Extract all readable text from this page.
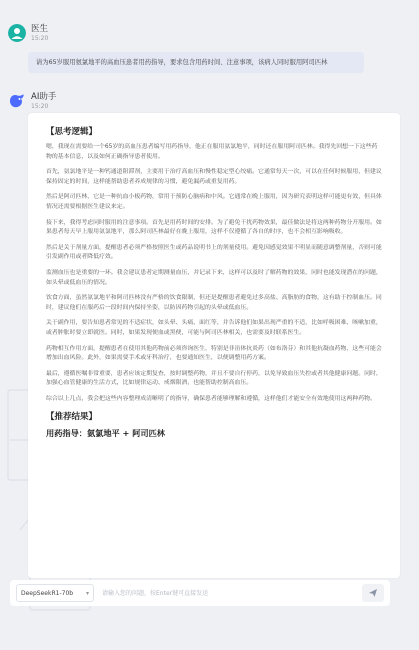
医生
15:20
请为65岁服用氨氯地平的高血压患者用药指导，要求包含用药时间、注意事项，该病人同时服用阿司匹林
AI助手
15:20
【思考逻辑】

嗯，我现在需要给一个65岁的高血压患者编写用药指导，他正在服用氨氯地平，同时还在服用阿司匹林。我得先回想一下这些药物的基本信息，以及如何正确指导患者使用。

首先，氨氯地平是一种钙通道阻滞剂，主要用于治疗高血压和慢性稳定型心绞痛。它通常每天一次，可以在任何时候服用，但建议保持固定的时间，这样能帮助患者养成规律的习惯，避免漏药或重复用药。

然后是阿司匹林，它是一种抗血小板药物，常用于预防心脑病和中风。它通常在晚上服用，因为研究表明这样可能更有效，但具体情况还需要根据医生建议来定。

接下来，我得考虑同时服用的注意事项。首先是用药时间的安排。为了避免干扰药物效果，最佳做法是将这两种药物分开服用。如果患者每天早上服用氨氯地平，那么阿司匹林最好在晚上服用，这样不仅遵循了各自的时序，也不会相互影响吸收。

然后是关于剂量方面，提醒患者必须严格按照医生或药品说明书上的剂量使用。避免因感觉效果不明显而随意调整剂量，否则可能引发副作用或者降低疗效。

监测血压也是重要的一环。我会建议患者定期测量血压，并记录下来，这样可以及时了解药物的效果，同时也能发现潜在的问题，如头晕或低血压的情况。

饮食方面，虽然氨氯地平和阿司匹林没有严格的饮食限制，但还是提醒患者避免过多高盐、高脂肪的食物，这有助于控制血压。同时，建议他们在服药后一段时间内保持坐姿，以防因药物引起的头晕或低血压。

关于副作用，要告知患者常见的不适症状，如头晕、头痛、面红等，并告诉他们如果出现严重的不适，比如呼吸困难、咳嗽加重，或者肿胀时要立即就医。同时，如果发现便血或黑便，可能与阿司匹林相关，也需要及时联系医生。

药物相互作用方面，提醒患者在使用其他药物前必须咨询医生，特别是非甾体抗炎药（如布洛芬）和其他抗凝血药物，这些可能会增加出血风险。此外，如果需要手术或牙科治疗，也要通知医生，以便调整用药方案。

最后，遵循医嘱非常重要，患者应该定期复查，按时调整药物，并且不要自行停药，以免导致血压失控或者其他健康问题。同时，加强心血管健康的生活方式，比如规律运动、戒烟限酒，也能帮助控制高血压。

综合以上几点，我会把这些内容整理成清晰明了的指导，确保患者能够理解和遵循，这样他们才能安全有效地使用这两种药物。

【推荐结果】
用药指导：氨氯地平 + 阿司匹林
DeepSeekR1-70b ▾
请输入您的问题，按Enter键可直接发送
